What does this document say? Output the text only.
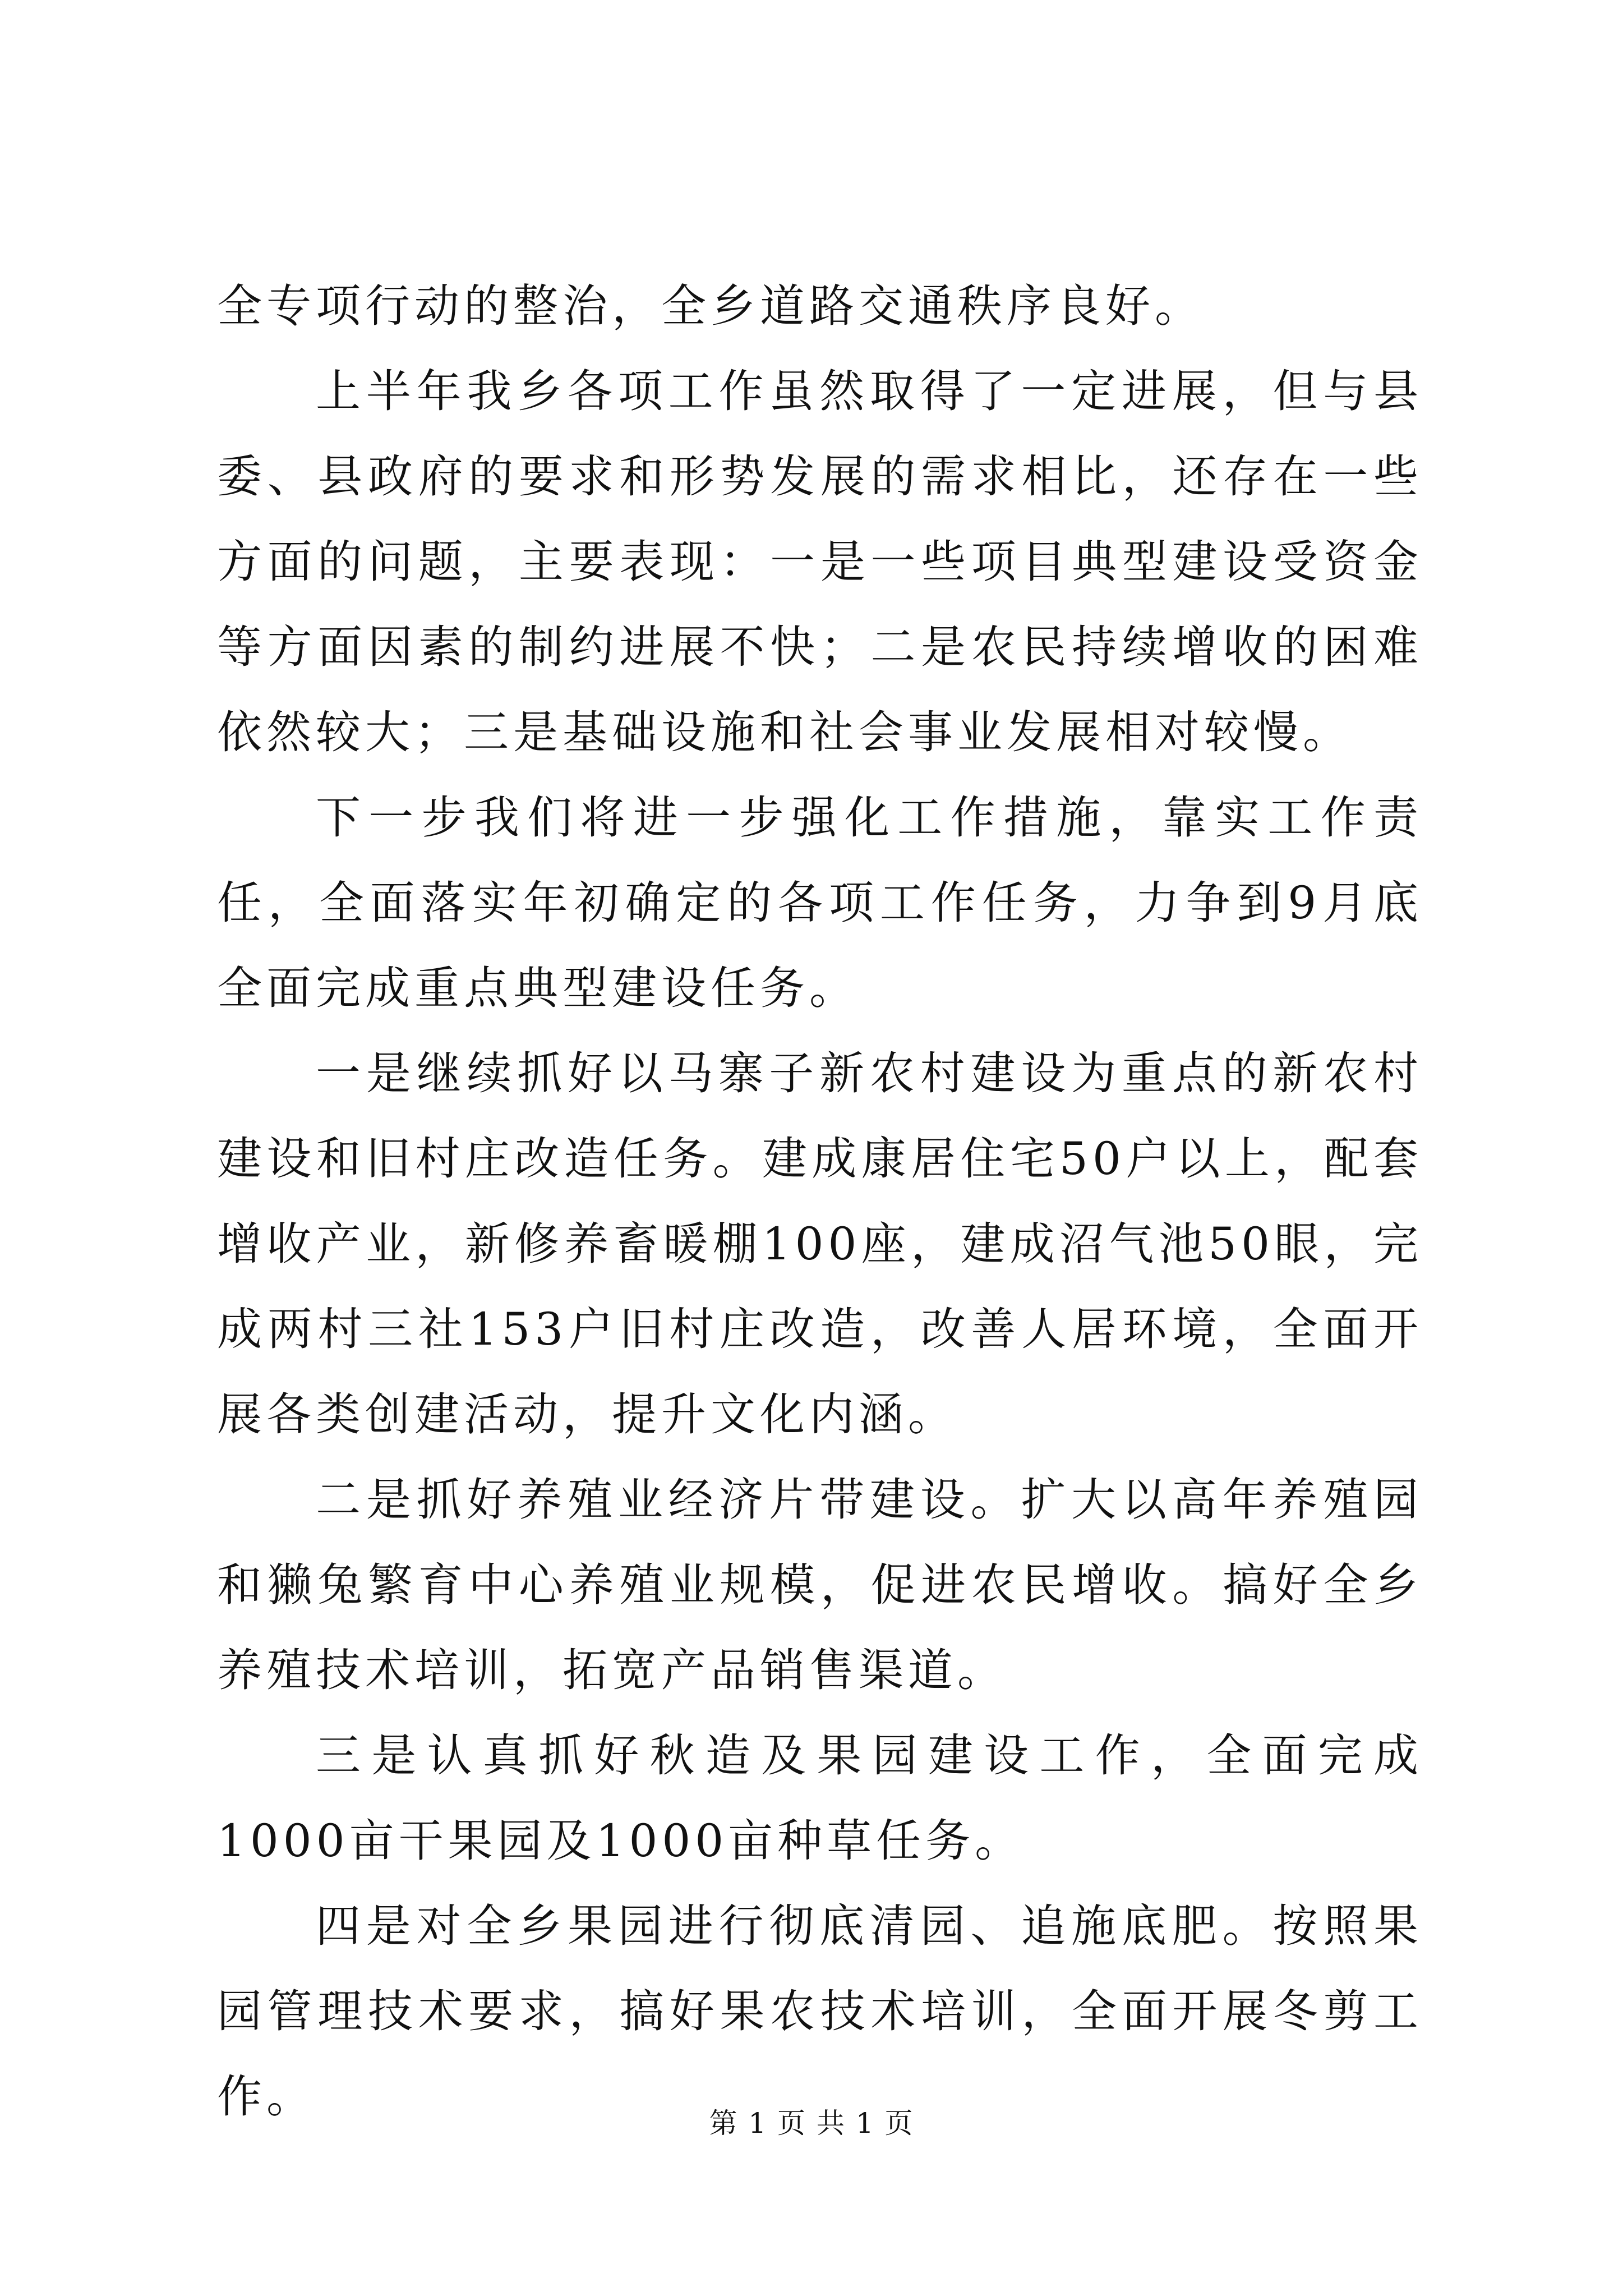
全专项行动的整治，全乡道路交通秩序良好。

上半年我乡各项工作虽然取得了一定进展，但与县委、县政府的要求和形势发展的需求相比，还存在一些方面的问题，主要表现：一是一些项目典型建设受资金等方面因素的制约进展不快；二是农民持续增收的困难依然较大；三是基础设施和社会事业发展相对较慢。

下一步我们将进一步强化工作措施，靠实工作责任，全面落实年初确定的各项工作任务，力争到9月底全面完成重点典型建设任务。

一是继续抓好以马寨子新农村建设为重点的新农村建设和旧村庄改造任务。建成康居住宅50户以上，配套增收产业，新修养畜暖棚100座，建成沼气池50眼，完成两村三社153户旧村庄改造，改善人居环境，全面开展各类创建活动，提升文化内涵。

二是抓好养殖业经济片带建设。扩大以高年养殖园和獭兔繁育中心养殖业规模，促进农民增收。搞好全乡养殖技术培训，拓宽产品销售渠道。

三是认真抓好秋造及果园建设工作，全面完成1000亩干果园及1000亩种草任务。

四是对全乡果园进行彻底清园、追施底肥。按照果园管理技术要求，搞好果农技术培训，全面开展冬剪工作。

第 1 页 共 1 页
